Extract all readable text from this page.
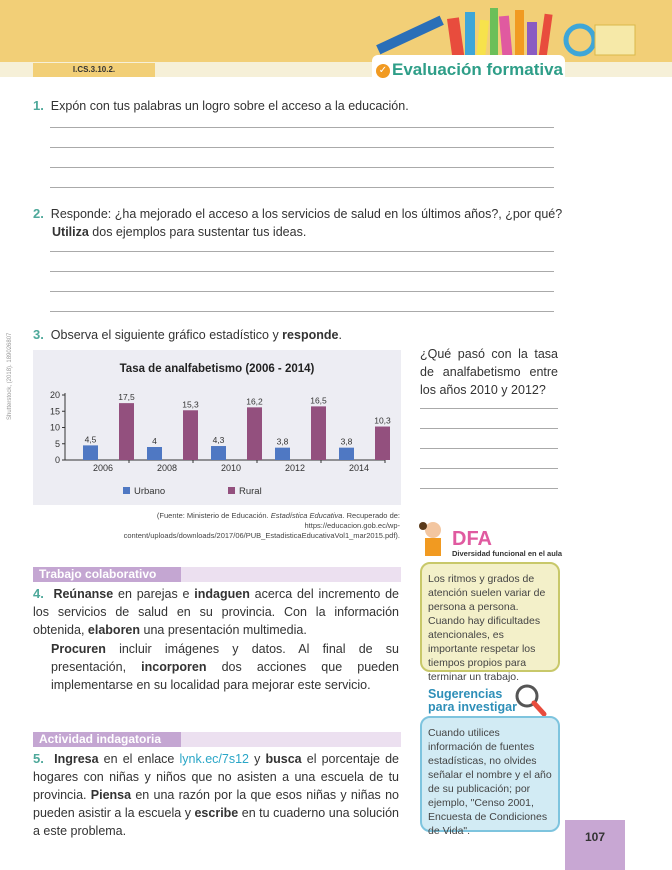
I.CS.3.10.2.	✓ Evaluación formativa
1. Expón con tus palabras un logro sobre el acceso a la educación.
2. Responde: ¿ha mejorado el acceso a los servicios de salud en los últimos años?, ¿por qué?
Utiliza dos ejemplos para sustentar tus ideas.
3. Observa el siguiente gráfico estadístico y responde.
¿Qué pasó con la tasa de analfabetismo entre los años 2010 y 2012?
Tasa de analfabetismo (2006 - 2014)
0
5
10
15
20
4,5
17,5
2006
4
15,3
2008
4,3
16,2
2010
3,8
16,5
2012
3,8
10,3
2014
Urbano	Rural
Shutterstock, (2018). 189026807
(Fuente: Ministerio de Educación. Estadística Educativa. Recuperado de: https://educacion.gob.ec/wp-content/uploads/downloads/2017/06/PUB_EstadisticaEducativaVol1_mar2015.pdf).
Trabajo colaborativo
4. Reúnanse en parejas e indaguen acerca del incremento de los servicios de salud en su provincia. Con la información obtenida, elaboren una presentación multimedia.
Procuren incluir imágenes y datos. Al final de su presentación, incorporen dos acciones que pueden implementarse en su localidad para mejorar este servicio.
Actividad indagatoria
5. Ingresa en el enlace lynk.ec/7s12 y busca el porcentaje de hogares con niñas y niños que no asisten a una escuela de tu provincia. Piensa en una razón por la que esos niñas y niñas no pueden asistir a la escuela y escribe en tu cuaderno una solución a este problema.
DFA
Diversidad funcional en el aula
Los ritmos y grados de atención suelen variar de persona a persona. Cuando hay dificultades atencionales, es importante respetar los tiempos propios para terminar un trabajo.
Sugerencias
para investigar
Cuando utilices información de fuentes estadísticas, no olvides señalar el nombre y el año de su publicación; por ejemplo, "Censo 2001, Encuesta de Condiciones de Vida".	107
